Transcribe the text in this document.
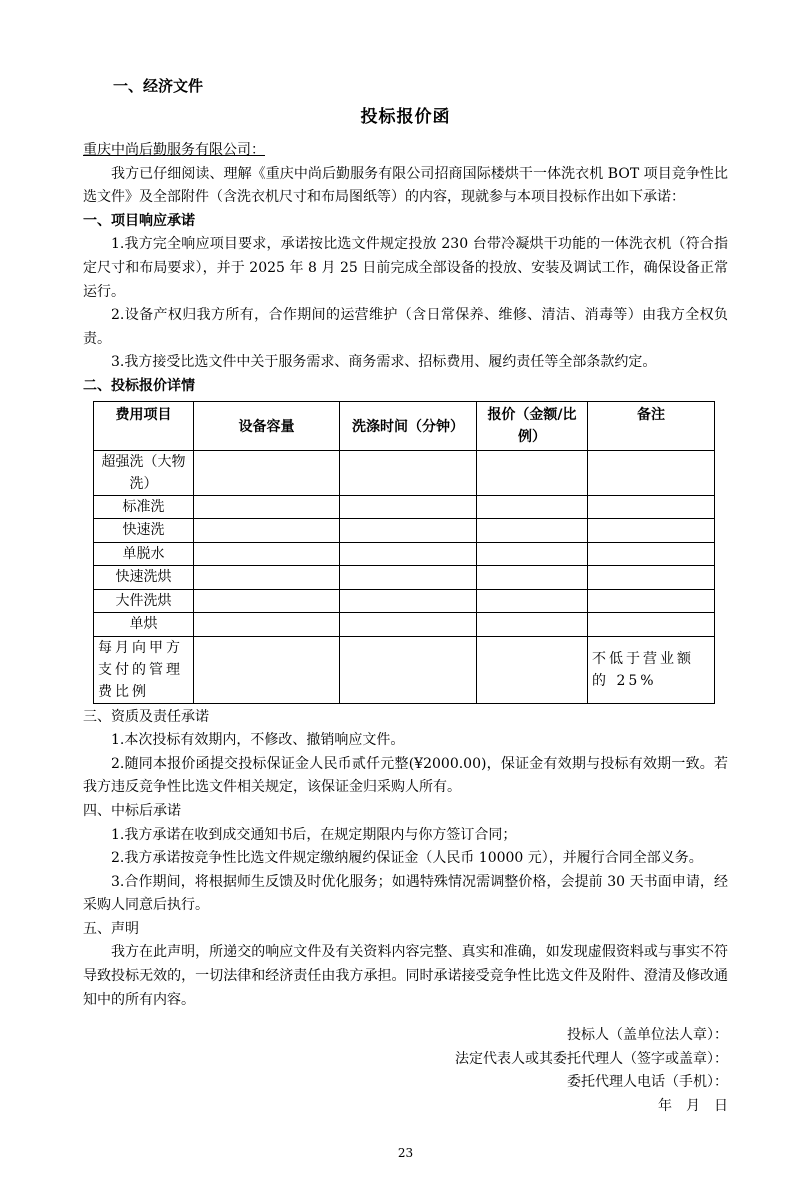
一、经济文件
投标报价函

重庆中尚后勤服务有限公司：

我方已仔细阅读、理解《重庆中尚后勤服务有限公司招商国际楼烘干一体洗衣机 BOT 项目竞争性比选文件》及全部附件（含洗衣机尺寸和布局图纸等）的内容，现就参与本项目投标作出如下承诺：

一、项目响应承诺

1.我方完全响应项目要求，承诺按比选文件规定投放 230 台带冷凝烘干功能的一体洗衣机（符合指定尺寸和布局要求），并于 2025 年 8 月 25 日前完成全部设备的投放、安装及调试工作，确保设备正常运行。

2.设备产权归我方所有，合作期间的运营维护（含日常保养、维修、清洁、消毒等）由我方全权负责。

3.我方接受比选文件中关于服务需求、商务需求、招标费用、履约责任等全部条款约定。

二、投标报价详情

费用项目	设备容量	洗涤时间（分钟）	报价（金额/比例）	备注
超强洗（大物洗）				
标准洗				
快速洗				
单脱水				
快速洗烘				
大件洗烘				
单烘				
每月向甲方支付的管理费比例				不低于营业额的 25%

三、资质及责任承诺

1.本次投标有效期内，不修改、撤销响应文件。

2.随同本报价函提交投标保证金人民币贰仟元整(¥2000.00)，保证金有效期与投标有效期一致。若我方违反竞争性比选文件相关规定，该保证金归采购人所有。

四、中标后承诺

1.我方承诺在收到成交通知书后，在规定期限内与你方签订合同；

2.我方承诺按竞争性比选文件规定缴纳履约保证金（人民币 10000 元），并履行合同全部义务。

3.合作期间，将根据师生反馈及时优化服务；如遇特殊情况需调整价格，会提前 30 天书面申请，经采购人同意后执行。

五、声明

我方在此声明，所递交的响应文件及有关资料内容完整、真实和准确，如发现虚假资料或与事实不符导致投标无效的，一切法律和经济责任由我方承担。同时承诺接受竞争性比选文件及附件、澄清及修改通知中的所有内容。

投标人（盖单位法人章）：
法定代表人或其委托代理人（签字或盖章）：
委托代理人电话（手机）：
年　月　日
23
